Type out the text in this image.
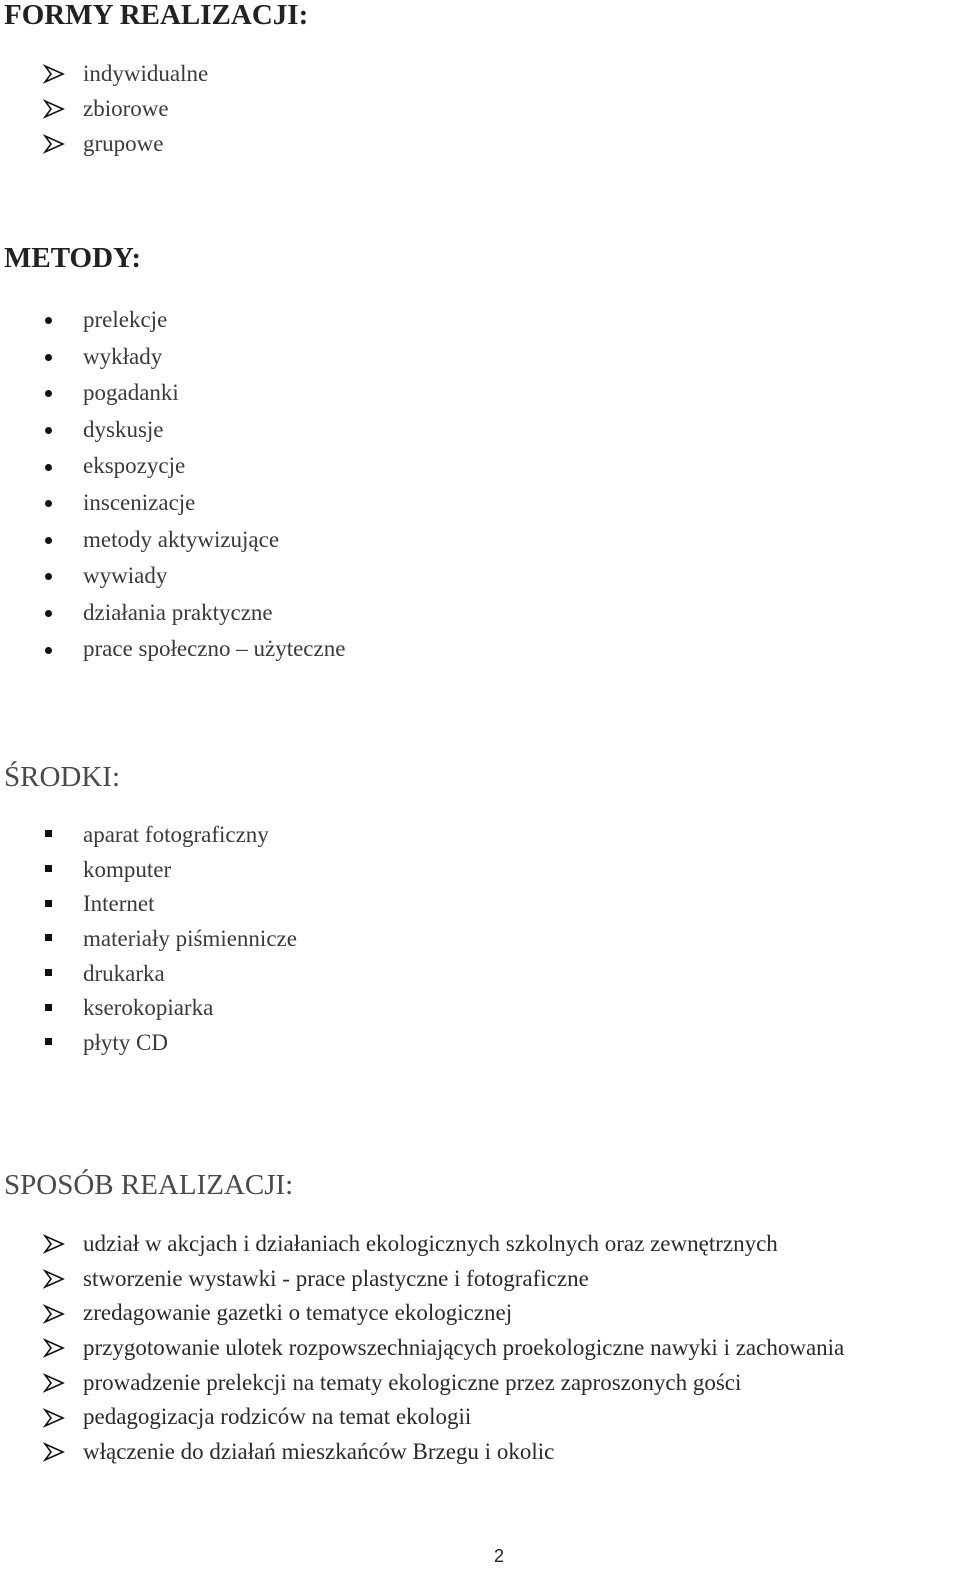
FORMY REALIZACJI:
indywidualne
zbiorowe
grupowe
METODY:
prelekcje
wykłady
pogadanki
dyskusje
ekspozycje
inscenizacje
metody aktywizujące
wywiady
działania praktyczne
prace społeczno – użyteczne
ŚRODKI:
aparat fotograficzny
komputer
Internet
materiały piśmiennicze
drukarka
kserokopiarka
płyty CD
SPOSÓB REALIZACJI:
udział w akcjach i działaniach ekologicznych szkolnych oraz zewnętrznych
stworzenie wystawki - prace plastyczne i fotograficzne
zredagowanie gazetki o tematyce ekologicznej
przygotowanie ulotek rozpowszechniających proekologiczne nawyki i zachowania
prowadzenie prelekcji na tematy ekologiczne przez zaproszonych gości
pedagogizacja rodziców na temat ekologii
włączenie do działań mieszkańców Brzegu i okolic
2
